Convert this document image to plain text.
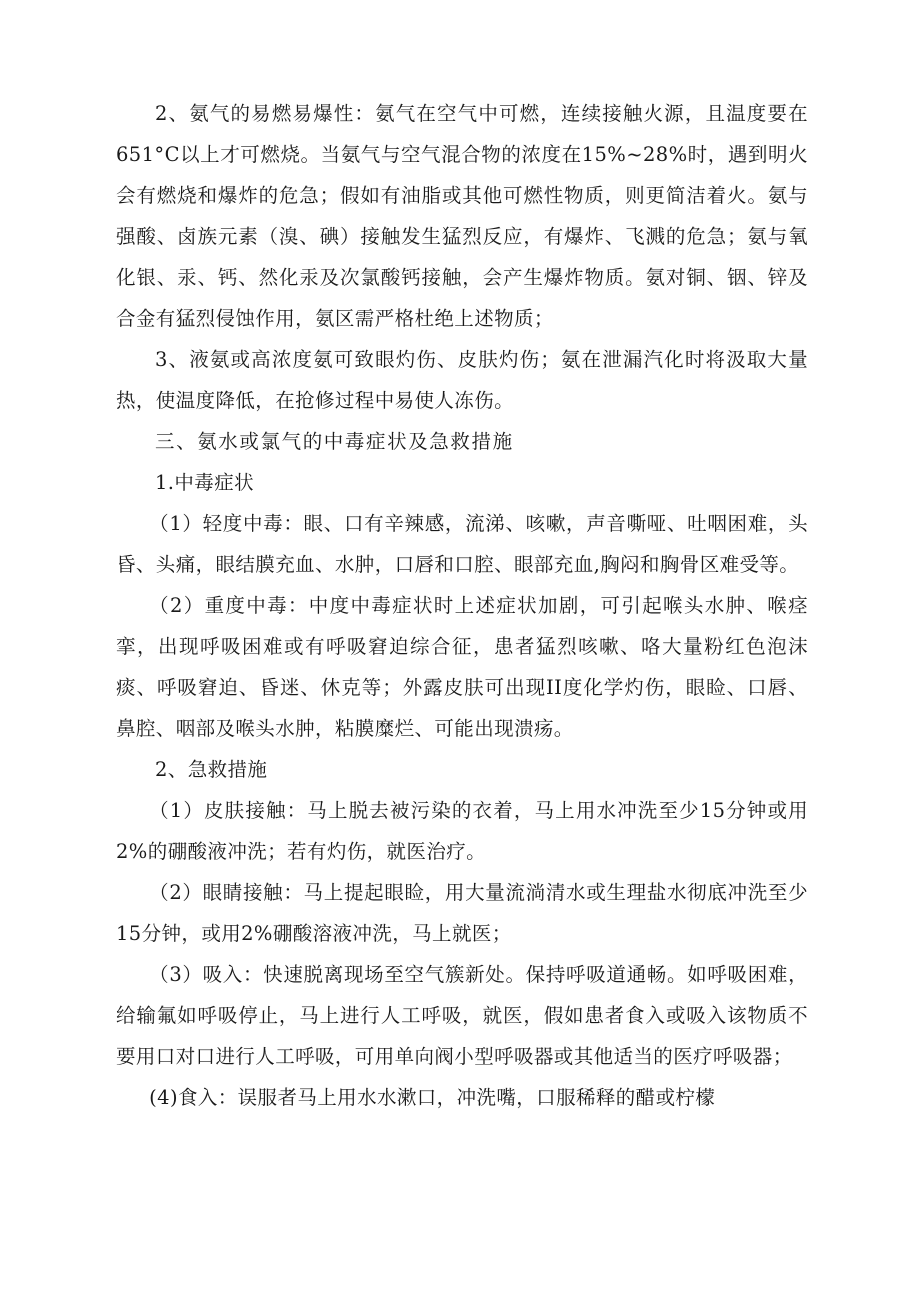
2、氨气的易燃易爆性：氨气在空气中可燃，连续接触火源，且温度要在651°C以上才可燃烧。当氨气与空气混合物的浓度在15%~28%时，遇到明火会有燃烧和爆炸的危急；假如有油脂或其他可燃性物质，则更简洁着火。氨与强酸、卤族元素（溴、碘）接触发生猛烈反应，有爆炸、飞溅的危急；氨与氧化银、汞、钙、然化汞及次氯酸钙接触，会产生爆炸物质。氨对铜、铟、锌及合金有猛烈侵蚀作用，氨区需严格杜绝上述物质；

3、液氨或高浓度氨可致眼灼伤、皮肤灼伤；氨在泄漏汽化时将汲取大量热，使温度降低，在抢修过程中易使人冻伤。

三、氨水或氯气的中毒症状及急救措施

1.中毒症状

（1）轻度中毒：眼、口有辛辣感，流涕、咳嗽，声音嘶哑、吐咽困难，头昏、头痛，眼结膜充血、水肿，口唇和口腔、眼部充血,胸闷和胸骨区难受等。

（2）重度中毒：中度中毒症状时上述症状加剧，可引起喉头水肿、喉痉挛，出现呼吸困难或有呼吸窘迫综合征，患者猛烈咳嗽、咯大量粉红色泡沫痰、呼吸窘迫、昏迷、休克等；外露皮肤可出现II度化学灼伤，眼睑、口唇、鼻腔、咽部及喉头水肿，粘膜糜烂、可能出现溃疡。

2、急救措施

（1）皮肤接触：马上脱去被污染的衣着，马上用水冲洗至少15分钟或用2%的硼酸液冲洗；若有灼伤，就医治疗。

（2）眼睛接触：马上提起眼睑，用大量流淌清水或生理盐水彻底冲洗至少15分钟，或用2%硼酸溶液冲洗，马上就医；

（3）吸入：快速脱离现场至空气簇新处。保持呼吸道通畅。如呼吸困难，给输氟如呼吸停止，马上进行人工呼吸，就医，假如患者食入或吸入该物质不要用口对口进行人工呼吸，可用单向阀小型呼吸器或其他适当的医疗呼吸器；

(4)食入：误服者马上用水水漱口，冲洗嘴，口服稀释的醋或柠檬
